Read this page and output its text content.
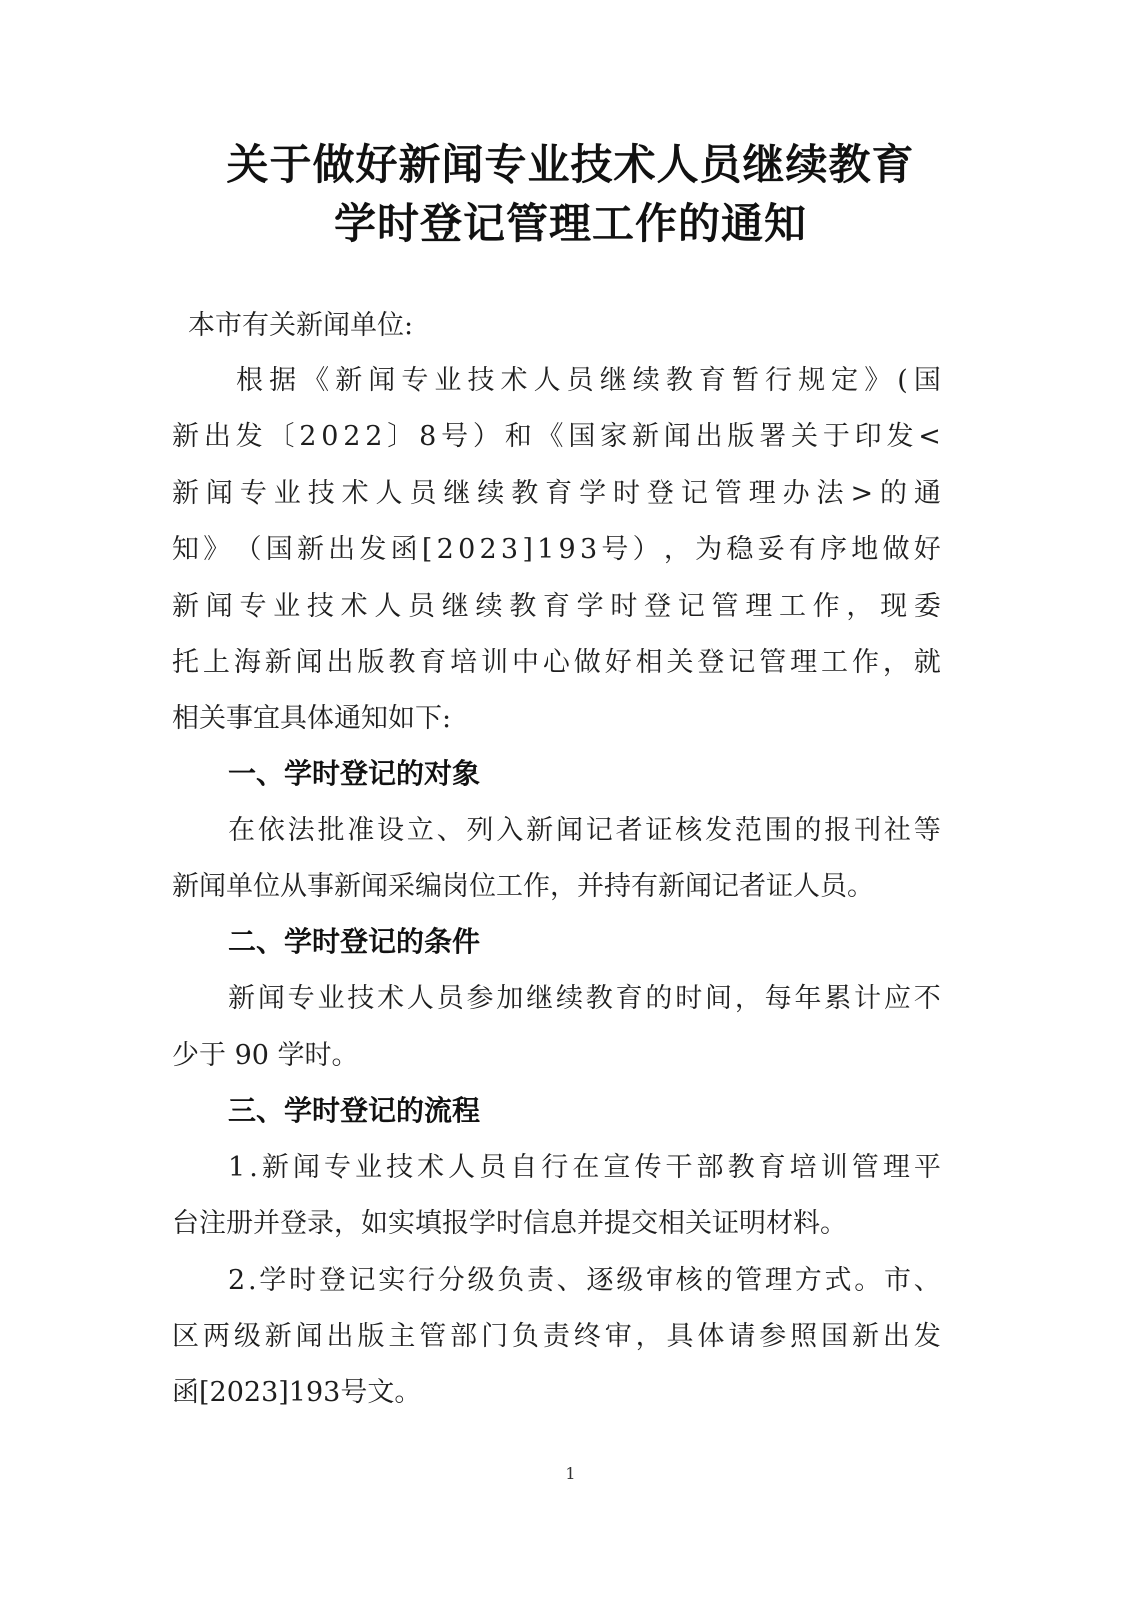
关于做好新闻专业技术人员继续教育
学时登记管理工作的通知
本市有关新闻单位:
根 据 《 新 闻 专 业 技 术 人 员 继 续 教 育 暂 行 规 定 》 ( 国
新 出 发 〔 2 0 2 2 〕 8 号 ） 和 《 国 家 新 闻 出 版 署 关 于 印 发 <
新 闻 专 业 技 术 人 员 继 续 教 育 学 时 登 记 管 理 办 法 > 的 通
知 》 （ 国 新 出 发 函 [ 2 0 2 3 ] 1 9 3 号 ） ， 为 稳 妥 有 序 地 做 好
新 闻 专 业 技 术 人 员 继 续 教 育 学 时 登 记 管 理 工 作 ， 现 委
托 上 海 新 闻 出 版 教 育 培 训 中 心 做 好 相 关 登 记 管 理 工 作 ， 就
相关事宜具体通知如下:
一、学时登记的对象
在 依 法 批 准 设 立 、 列 入 新 闻 记 者 证 核 发 范 围 的 报 刊 社 等
新闻单位从事新闻采编岗位工作，并持有新闻记者证人员。
二、学时登记的条件
新 闻 专 业 技 术 人 员 参 加 继 续 教 育 的 时 间 ， 每 年 累 计 应 不
少于 90 学时。
三、学时登记的流程
1 . 新 闻 专 业 技 术 人 员 自 行 在 宣 传 干 部 教 育 培 训 管 理 平
台注册并登录，如实填报学时信息并提交相关证明材料。
2 . 学 时 登 记 实 行 分 级 负 责 、 逐 级 审 核 的 管 理 方 式 。 市 、
区 两 级 新 闻 出 版 主 管 部 门 负 责 终 审 ， 具 体 请 参 照 国 新 出 发
函[2023]193号文。
1
